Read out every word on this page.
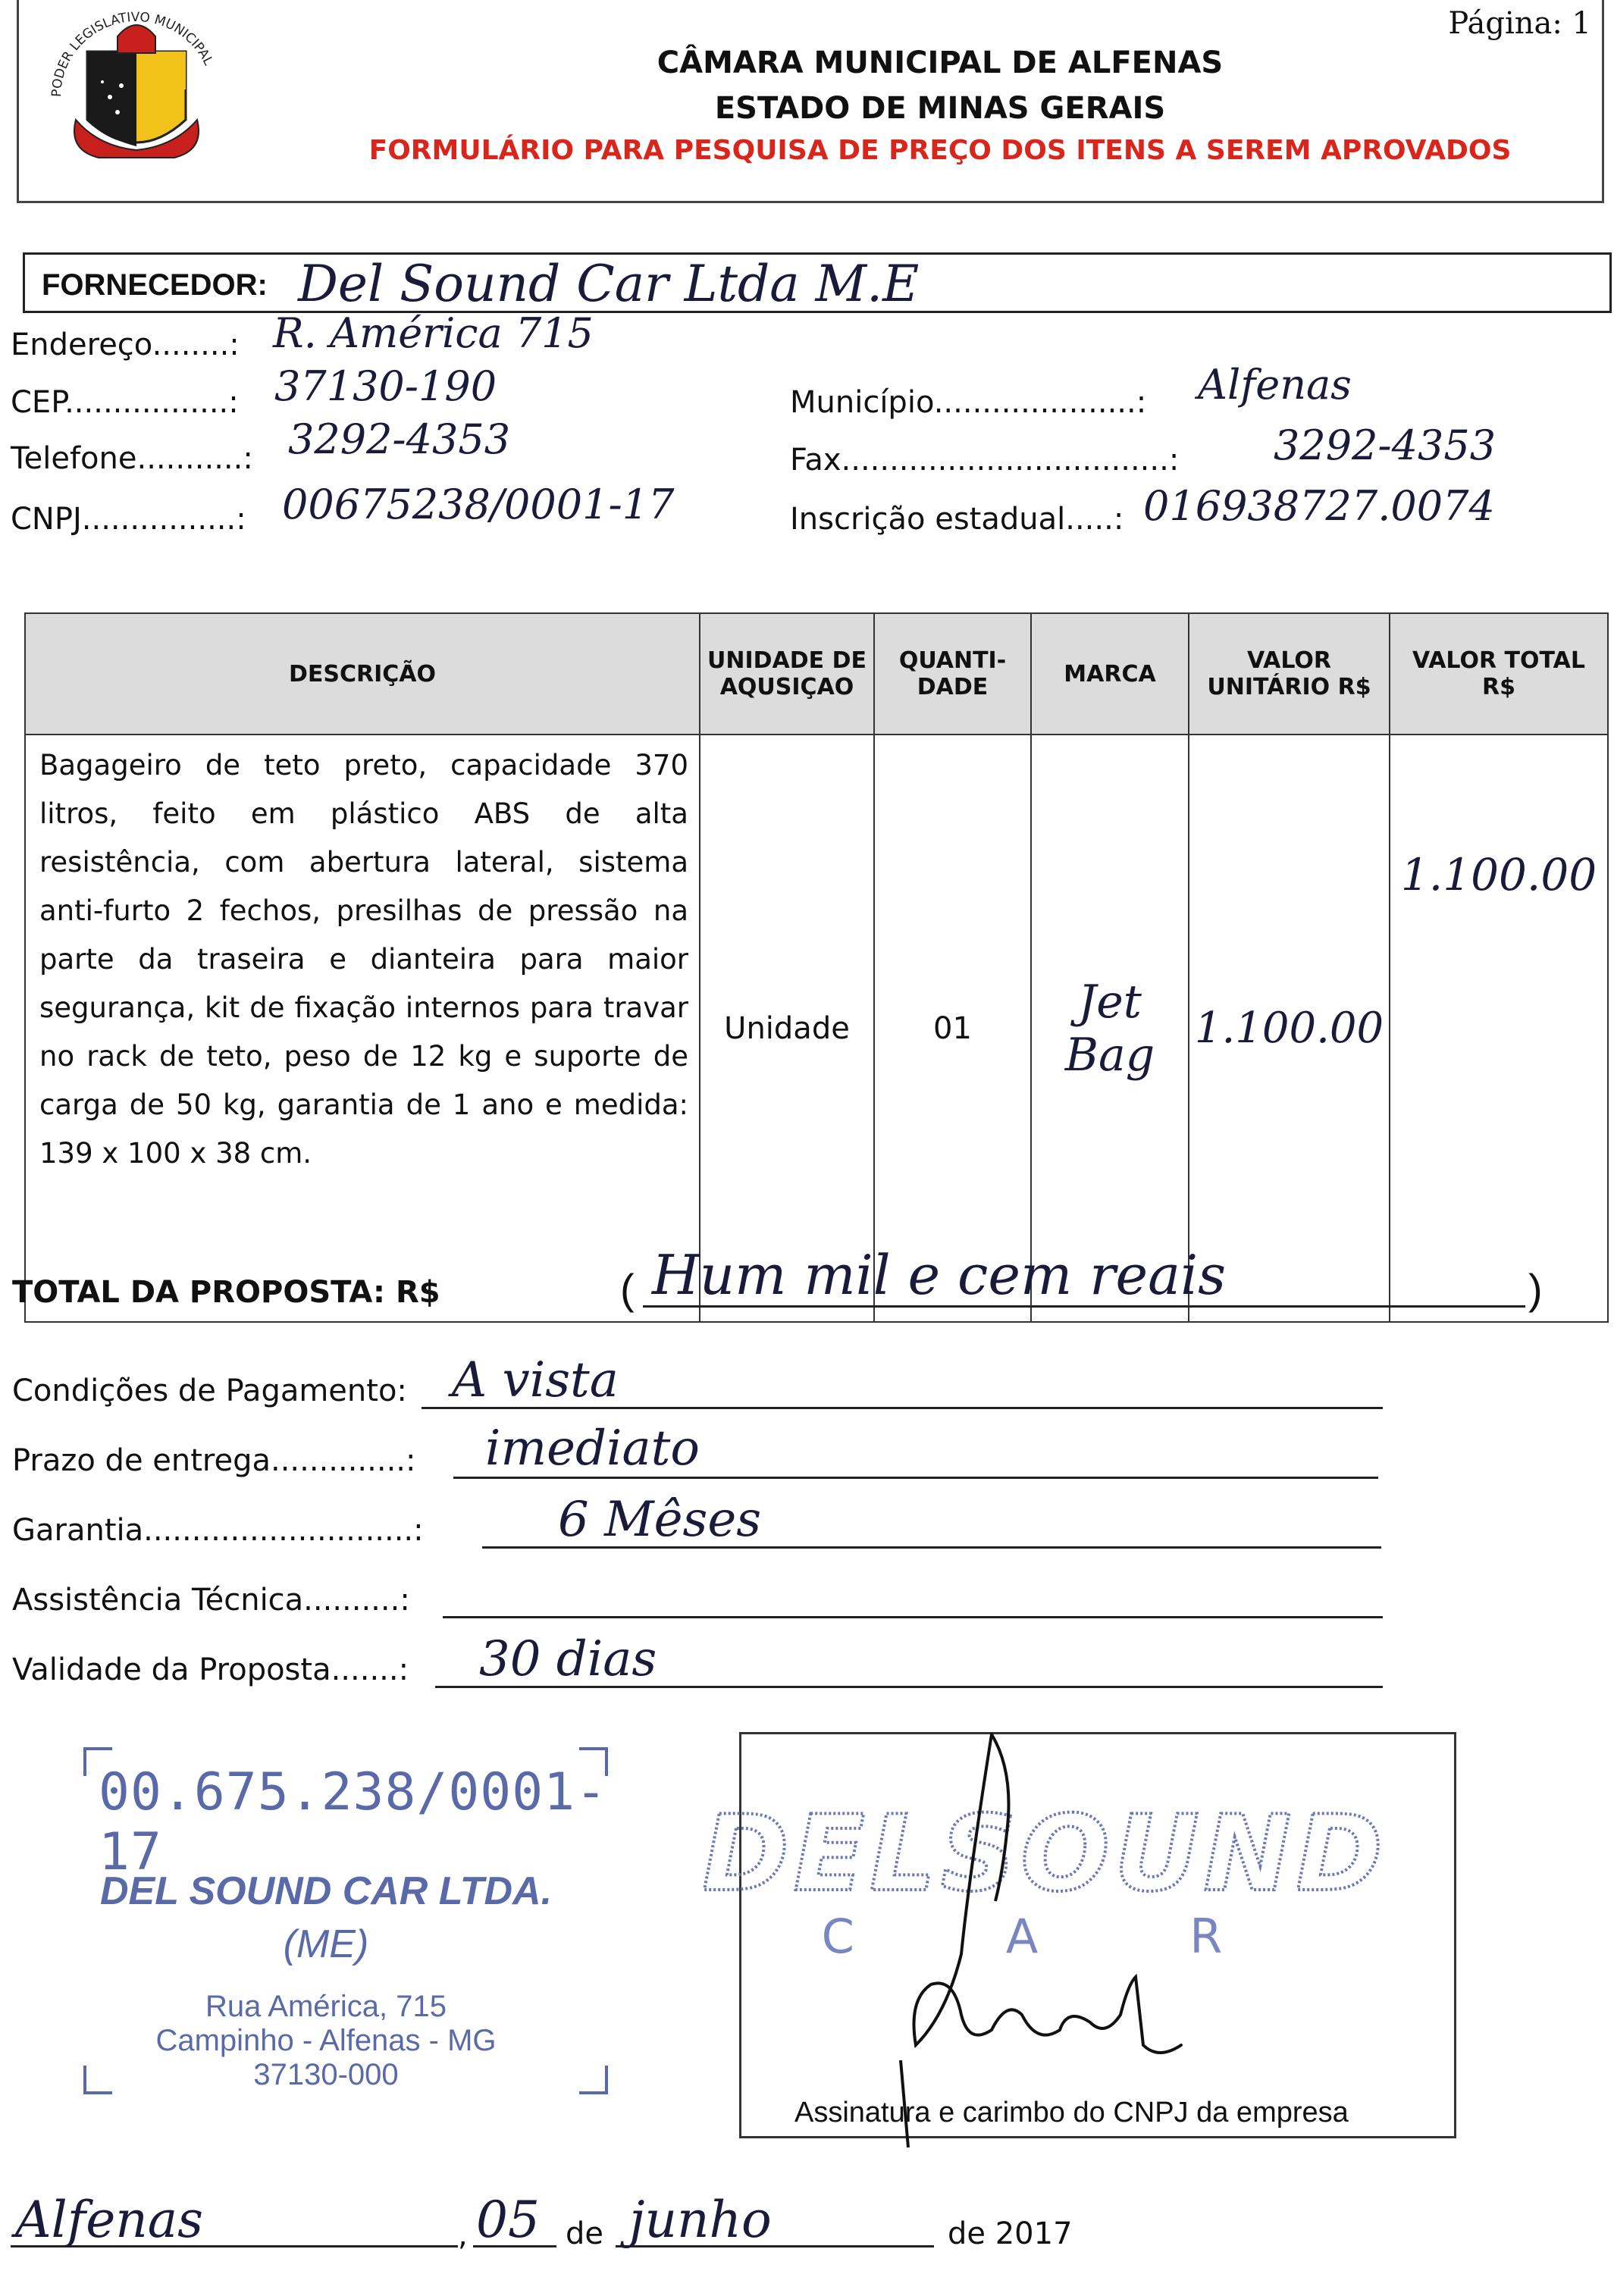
Página: 1
PODER LEGISLATIVO MUNICIPAL	CÂMARA MUNICIPAL DE ALFENAS
ESTADO DE MINAS GERAIS
FORMULÁRIO PARA PESQUISA DE PREÇO DOS ITENS A SEREM APROVADOS
FORNECEDOR: Del Sound Car Ltda M.E
Endereço........: R. América 715
CEP.................: 37130-190	Município.....................: Alfenas
Telefone...........: 3292-4353	Fax..................................: 3292-4353
CNPJ................: 00675238/0001-17	Inscrição estadual.....: 016938727.0074
DESCRIÇÃO	UNIDADE DE AQUSIÇAO	QUANTI-DADE	MARCA	VALOR UNITÁRIO R$	VALOR TOTAL R$
Bagageiro de teto preto, capacidade 370 litros, feito em plástico ABS de alta resistência, com abertura lateral, sistema anti-furto 2 fechos, presilhas de pressão na parte da traseira e dianteira para maior segurança, kit de fixação internos para travar no rack de teto, peso de 12 kg e suporte de carga de 50 kg, garantia de 1 ano e medida: 139 x 100 x 38 cm.	Unidade	01	Jet Bag	1.100.00	1.100.00
TOTAL DA PROPOSTA: R$	( Hum mil e cem reais	)
Condições de Pagamento: A vista
Prazo de entrega..............: imediato
Garantia............................:	6 Mêses
Assistência Técnica..........:
Validade da Proposta.......: 30 dias
00.675.238/0001-17
DEL SOUND CAR LTDA.
(ME)
Rua América, 715
Campinho - Alfenas - MG
37130-000
DELSOUND
CAR
Assinatura e carimbo do CNPJ da empresa
Alfenas	, 05 de junho	de 2017
